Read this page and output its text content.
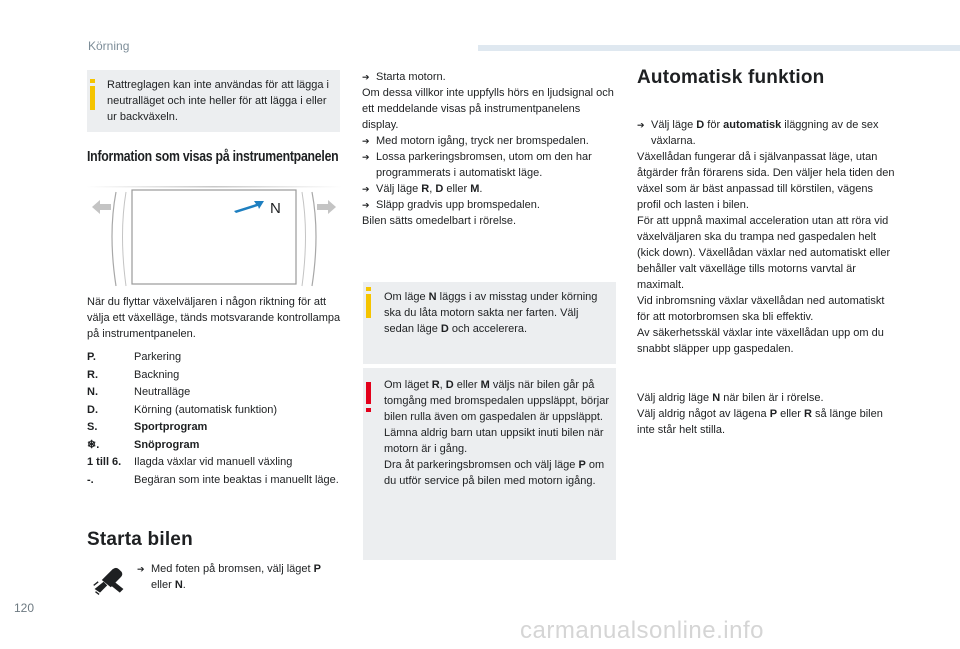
Körning
120
carmanualsonline.info
Rattreglagen kan inte användas för att lägga i neutralläget och inte heller för att lägga i eller ur backväxeln.
Information som visas på instrumentpanelen
N
När du flyttar växelväljaren i någon riktning för att välja ett växelläge, tänds motsvarande kontrollampa på instrumentpanelen.
P.	Parkering
R.	Backning
N.	Neutralläge
D.	Körning (automatisk funktion)
S.	Sportprogram
❄.	Snöprogram
1 till 6.	Ilagda växlar vid manuell växling
-.	Begäran som inte beaktas i manuellt läge.
Starta bilen
➔ Med foten på bromsen, välj läget P eller N.
➔ Starta motorn.
Om dessa villkor inte uppfylls hörs en ljudsignal och ett meddelande visas på instrumentpanelens display.
➔ Med motorn igång, tryck ner bromspedalen.
➔ Lossa parkeringsbromsen, utom om den har programmerats i automatiskt läge.
➔ Välj läge R, D eller M.
➔ Släpp gradvis upp bromspedalen.
Bilen sätts omedelbart i rörelse.
Om läge N läggs i av misstag under körning ska du låta motorn sakta ner farten. Välj sedan läge D och accelerera.
Om läget R, D eller M väljs när bilen går på tomgång med bromspedalen uppsläppt, börjar bilen rulla även om gaspedalen är uppsläppt.
Lämna aldrig barn utan uppsikt inuti bilen när motorn är i gång.
Dra åt parkeringsbromsen och välj läge P om du utför service på bilen med motorn igång.
Automatisk funktion
➔ Välj läge D för automatisk iläggning av de sex växlarna.
Växellådan fungerar då i självanpassat läge, utan åtgärder från förarens sida. Den väljer hela tiden den växel som är bäst anpassad till körstilen, vägens profil och lasten i bilen.
För att uppnå maximal acceleration utan att röra vid växelväljaren ska du trampa ned gaspedalen helt (kick down). Växellådan växlar ned automatiskt eller behåller valt växelläge tills motorns varvtal är maximalt.
Vid inbromsning växlar växellådan ned automatiskt för att motorbromsen ska bli effektiv.
Av säkerhetsskäl växlar inte växellådan upp om du snabbt släpper upp gaspedalen.
Välj aldrig läge N när bilen är i rörelse.
Välj aldrig något av lägena P eller R så länge bilen inte står helt stilla.
